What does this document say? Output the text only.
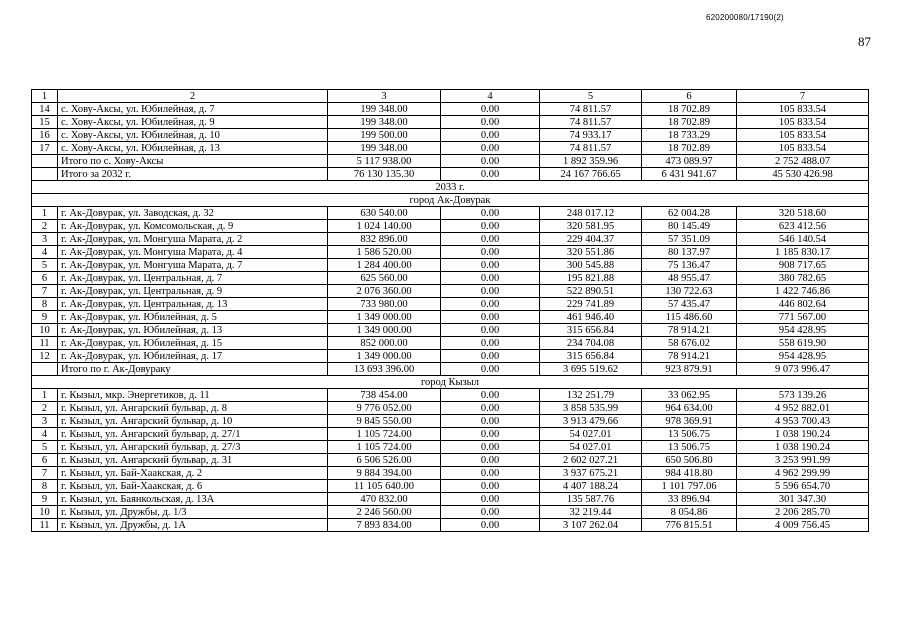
620200080/17190(2)
87
1	2	3	4	5	6	7
14	с. Хову-Аксы, ул. Юбилейная, д. 7	199 348.00	0.00	74 811.57	18 702.89	105 833.54
15	с. Хову-Аксы, ул. Юбилейная, д. 9	199 348.00	0.00	74 811.57	18 702.89	105 833.54
16	с. Хову-Аксы, ул. Юбилейная, д. 10	199 500.00	0.00	74 933.17	18 733.29	105 833.54
17	с. Хову-Аксы, ул. Юбилейная, д. 13	199 348.00	0.00	74 811.57	18 702.89	105 833.54
	Итого по с. Хову-Аксы	5 117 938.00	0.00	1 892 359.96	473 089.97	2 752 488.07
	Итого за 2032 г.	76 130 135.30	0.00	24 167 766.65	6 431 941.67	45 530 426.98
2033 г.						
город Ак-Довурак						
1	г. Ак-Довурак, ул. Заводская, д. 32	630 540.00	0.00	248 017.12	62 004.28	320 518.60
2	г. Ак-Довурак, ул. Комсомольская, д. 9	1 024 140.00	0.00	320 581.95	80 145.49	623 412.56
3	г. Ак-Довурак, ул. Монгуша Марата, д. 2	832 896.00	0.00	229 404.37	57 351.09	546 140.54
4	г. Ак-Довурак, ул. Монгуша Марата, д. 4	1 586 520.00	0.00	320 551.86	80 137.97	1 185 830.17
5	г. Ак-Довурак, ул. Монгуша Марата, д. 7	1 284 400.00	0.00	300 545.88	75 136.47	908 717.65
6	г. Ак-Довурак, ул. Центральная, д. 7	625 560.00	0.00	195 821.88	48 955.47	380 782.65
7	г. Ак-Довурак, ул. Центральная, д. 9	2 076 360.00	0.00	522 890.51	130 722.63	1 422 746.86
8	г. Ак-Довурак, ул. Центральная, д. 13	733 980.00	0.00	229 741.89	57 435.47	446 802.64
9	г. Ак-Довурак, ул. Юбилейная, д. 5	1 349 000.00	0.00	461 946.40	115 486.60	771 567.00
10	г. Ак-Довурак, ул. Юбилейная, д. 13	1 349 000.00	0.00	315 656.84	78 914.21	954 428.95
11	г. Ак-Довурак, ул. Юбилейная, д. 15	852 000.00	0.00	234 704.08	58 676.02	558 619.90
12	г. Ак-Довурак, ул. Юбилейная, д. 17	1 349 000.00	0.00	315 656.84	78 914.21	954 428.95
	Итого по г. Ак-Довураку	13 693 396.00	0.00	3 695 519.62	923 879.91	9 073 996.47
город Кызыл						
1	г. Кызыл, мкр. Энергетиков, д. 11	738 454.00	0.00	132 251.79	33 062.95	573 139.26
2	г. Кызыл, ул. Ангарский бульвар, д. 8	9 776 052.00	0.00	3 858 535.99	964 634.00	4 952 882.01
3	г. Кызыл, ул. Ангарский бульвар, д. 10	9 845 550.00	0.00	3 913 479.66	978 369.91	4 953 700.43
4	г. Кызыл, ул. Ангарский бульвар, д. 27/1	1 105 724.00	0.00	54 027.01	13 506.75	1 038 190.24
5	г. Кызыл, ул. Ангарский бульвар, д. 27/3	1 105 724.00	0.00	54 027.01	13 506.75	1 038 190.24
6	г. Кызыл, ул. Ангарский бульвар, д. 31	6 506 526.00	0.00	2 602 027.21	650 506.80	3 253 991.99
7	г. Кызыл, ул. Бай-Хаакская, д. 2	9 884 394.00	0.00	3 937 675.21	984 418.80	4 962 299.99
8	г. Кызыл, ул. Бай-Хаакская, д. 6	11 105 640.00	0.00	4 407 188.24	1 101 797.06	5 596 654.70
9	г. Кызыл, ул. Баянкольская, д. 13А	470 832.00	0.00	135 587.76	33 896.94	301 347.30
10	г. Кызыл, ул. Дружбы, д. 1/3	2 246 560.00	0.00	32 219.44	8 054.86	2 206 285.70
11	г. Кызыл, ул. Дружбы, д. 1А	7 893 834.00	0.00	3 107 262.04	776 815.51	4 009 756.45
